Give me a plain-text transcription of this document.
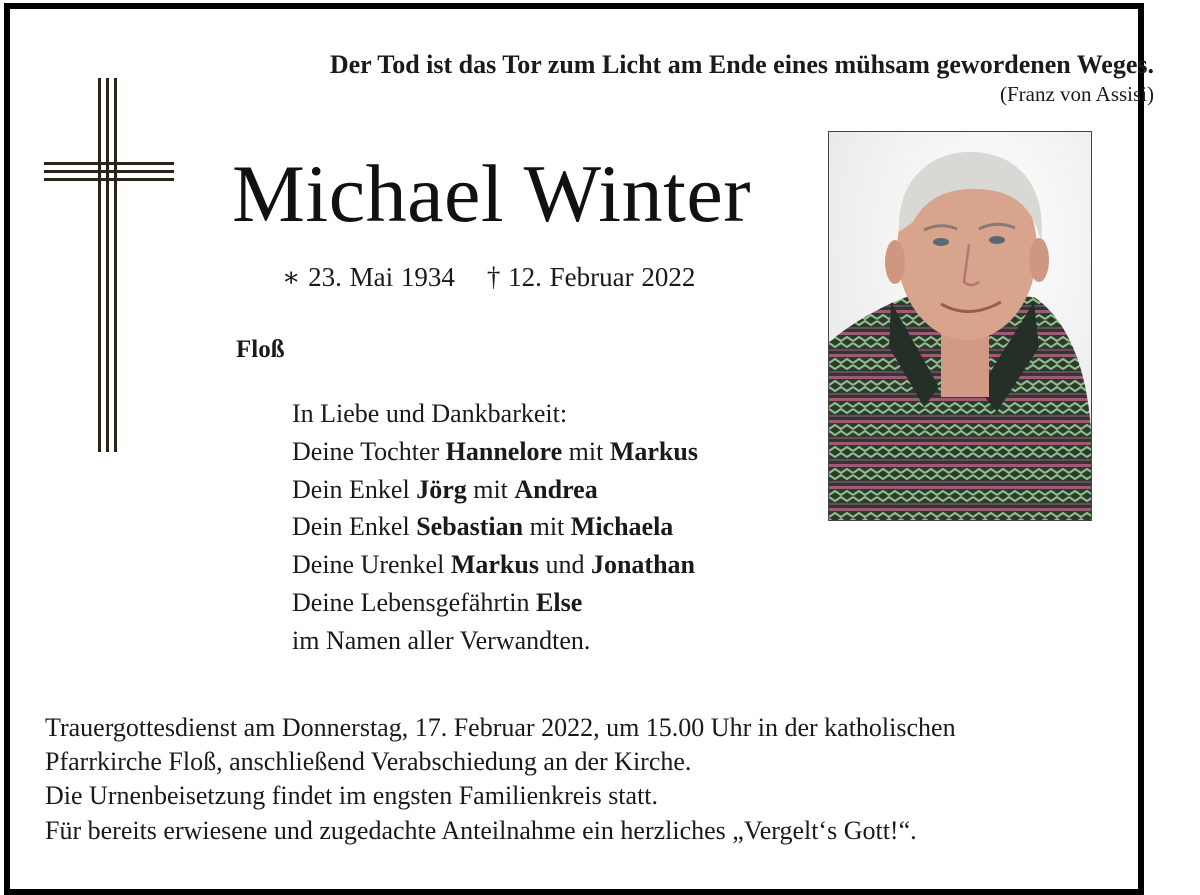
Der Tod ist das Tor zum Licht am Ende eines mühsam gewordenen Weges.
(Franz von Assisi)
Michael Winter
∗ 23. Mai 1934 † 12. Februar 2022
Floß
In Liebe und Dankbarkeit:
Deine Tochter Hannelore mit Markus
Dein Enkel Jörg mit Andrea
Dein Enkel Sebastian mit Michaela
Deine Urenkel Markus und Jonathan
Deine Lebensgefährtin Else
im Namen aller Verwandten.
Trauergottesdienst am Donnerstag, 17. Februar 2022, um 15.00 Uhr in der katholischen
Pfarrkirche Floß, anschließend Verabschiedung an der Kirche.
Die Urnenbeisetzung findet im engsten Familienkreis statt.
Für bereits erwiesene und zugedachte Anteilnahme ein herzliches „Vergelt‘s Gott!“.
